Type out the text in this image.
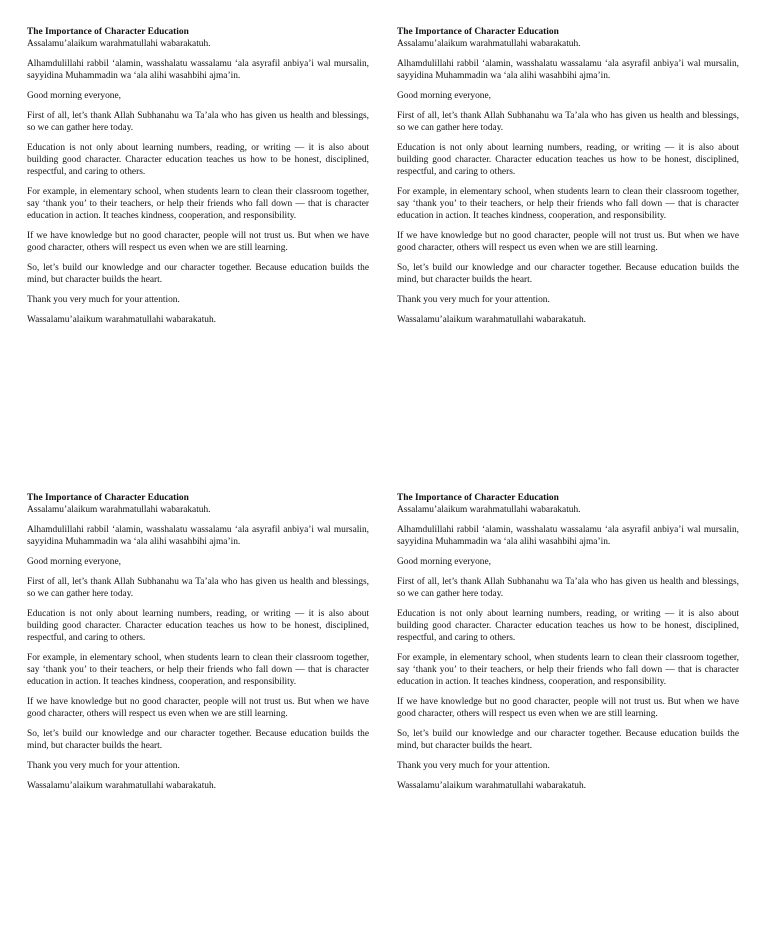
The Importance of Character Education

Assalamu’alaikum warahmatullahi wabarakatuh.

Alhamdulillahi rabbil ‘alamin, wasshalatu wassalamu ‘ala asyrafil anbiya’i wal mursalin, sayyidina Muhammadin wa ‘ala alihi wasahbihi ajma’in.

Good morning everyone,

First of all, let’s thank Allah Subhanahu wa Ta’ala who has given us health and blessings, so we can gather here today.

Education is not only about learning numbers, reading, or writing — it is also about building good character. Character education teaches us how to be honest, disciplined, respectful, and caring to others.

For example, in elementary school, when students learn to clean their classroom together, say ‘thank you’ to their teachers, or help their friends who fall down — that is character education in action. It teaches kindness, cooperation, and responsibility.

If we have knowledge but no good character, people will not trust us. But when we have good character, others will respect us even when we are still learning.

So, let’s build our knowledge and our character together. Because education builds the mind, but character builds the heart.

Thank you very much for your attention.

Wassalamu’alaikum warahmatullahi wabarakatuh.

The Importance of Character Education

Assalamu’alaikum warahmatullahi wabarakatuh.

Alhamdulillahi rabbil ‘alamin, wasshalatu wassalamu ‘ala asyrafil anbiya’i wal mursalin, sayyidina Muhammadin wa ‘ala alihi wasahbihi ajma’in.

Good morning everyone,

First of all, let’s thank Allah Subhanahu wa Ta’ala who has given us health and blessings, so we can gather here today.

Education is not only about learning numbers, reading, or writing — it is also about building good character. Character education teaches us how to be honest, disciplined, respectful, and caring to others.

For example, in elementary school, when students learn to clean their classroom together, say ‘thank you’ to their teachers, or help their friends who fall down — that is character education in action. It teaches kindness, cooperation, and responsibility.

If we have knowledge but no good character, people will not trust us. But when we have good character, others will respect us even when we are still learning.

So, let’s build our knowledge and our character together. Because education builds the mind, but character builds the heart.

Thank you very much for your attention.

Wassalamu’alaikum warahmatullahi wabarakatuh.

The Importance of Character Education

Assalamu’alaikum warahmatullahi wabarakatuh.

Alhamdulillahi rabbil ‘alamin, wasshalatu wassalamu ‘ala asyrafil anbiya’i wal mursalin, sayyidina Muhammadin wa ‘ala alihi wasahbihi ajma’in.

Good morning everyone,

First of all, let’s thank Allah Subhanahu wa Ta’ala who has given us health and blessings, so we can gather here today.

Education is not only about learning numbers, reading, or writing — it is also about building good character. Character education teaches us how to be honest, disciplined, respectful, and caring to others.

For example, in elementary school, when students learn to clean their classroom together, say ‘thank you’ to their teachers, or help their friends who fall down — that is character education in action. It teaches kindness, cooperation, and responsibility.

If we have knowledge but no good character, people will not trust us. But when we have good character, others will respect us even when we are still learning.

So, let’s build our knowledge and our character together. Because education builds the mind, but character builds the heart.

Thank you very much for your attention.

Wassalamu’alaikum warahmatullahi wabarakatuh.

The Importance of Character Education

Assalamu’alaikum warahmatullahi wabarakatuh.

Alhamdulillahi rabbil ‘alamin, wasshalatu wassalamu ‘ala asyrafil anbiya’i wal mursalin, sayyidina Muhammadin wa ‘ala alihi wasahbihi ajma’in.

Good morning everyone,

First of all, let’s thank Allah Subhanahu wa Ta’ala who has given us health and blessings, so we can gather here today.

Education is not only about learning numbers, reading, or writing — it is also about building good character. Character education teaches us how to be honest, disciplined, respectful, and caring to others.

For example, in elementary school, when students learn to clean their classroom together, say ‘thank you’ to their teachers, or help their friends who fall down — that is character education in action. It teaches kindness, cooperation, and responsibility.

If we have knowledge but no good character, people will not trust us. But when we have good character, others will respect us even when we are still learning.

So, let’s build our knowledge and our character together. Because education builds the mind, but character builds the heart.

Thank you very much for your attention.

Wassalamu’alaikum warahmatullahi wabarakatuh.
